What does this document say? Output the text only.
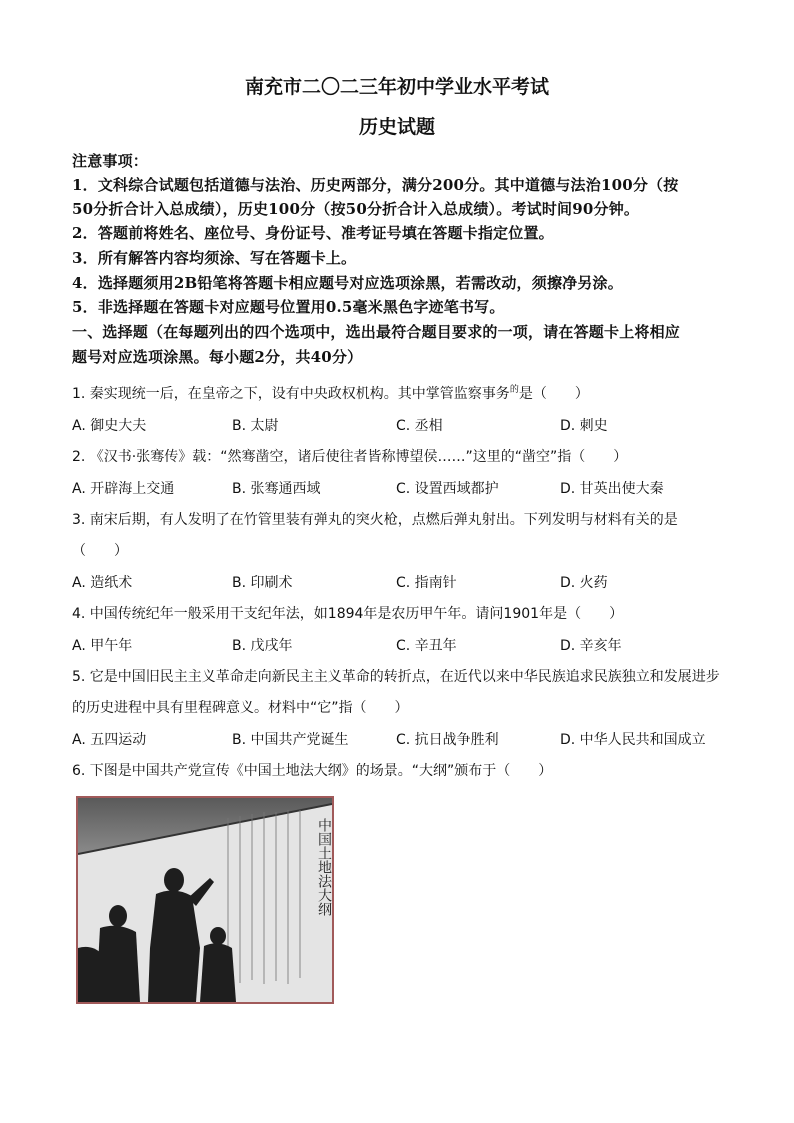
南充市二〇二三年初中学业水平考试
历史试题
注意事项：
1．文科综合试题包括道德与法治、历史两部分，满分200分。其中道德与法治100分（按
50分折合计入总成绩），历史100分（按50分折合计入总成绩）。考试时间90分钟。
2．答题前将姓名、座位号、身份证号、准考证号填在答题卡指定位置。
3．所有解答内容均须涂、写在答题卡上。
4．选择题须用2B铅笔将答题卡相应题号对应选项涂黑，若需改动，须擦净另涂。
5．非选择题在答题卡对应题号位置用0.5毫米黑色字迹笔书写。
一、选择题（在每题列出的四个选项中，选出最符合题目要求的一项，请在答题卡上将相应
题号对应选项涂黑。每小题2分，共40分）
1. 秦实现统一后，在皇帝之下，设有中央政权机构。其中掌管监察事务$^的$是（　　）
A. 御史大夫	B. 太尉	C. 丞相	D. 刺史
2. 《汉书·张骞传》载：“然骞凿空，诸后使往者皆称博望侯……”这里的“凿空”指（　　）
A. 开辟海上交通	B. 张骞通西域	C. 设置西域都护	D. 甘英出使大秦
3. 南宋后期，有人发明了在竹管里装有弹丸的突火枪，点燃后弹丸射出。下列发明与材料有关的是
（　　）
A. 造纸术	B. 印刷术	C. 指南针	D. 火药
4. 中国传统纪年一般采用干支纪年法，如1894年是农历甲午年。请问1901年是（　　）
A. 甲午年	B. 戊戌年	C. 辛丑年	D. 辛亥年
5. 它是中国旧民主主义革命走向新民主主义革命的转折点，在近代以来中华民族追求民族独立和发展进步
的历史进程中具有里程碑意义。材料中“它”指（　　）
A. 五四运动	B. 中国共产党诞生	C. 抗日战争胜利	D. 中华人民共和国成立
6. 下图是中国共产党宣传《中国土地法大纲》的场景。“大纲”颁布于（　　）
中国土地法大纲
